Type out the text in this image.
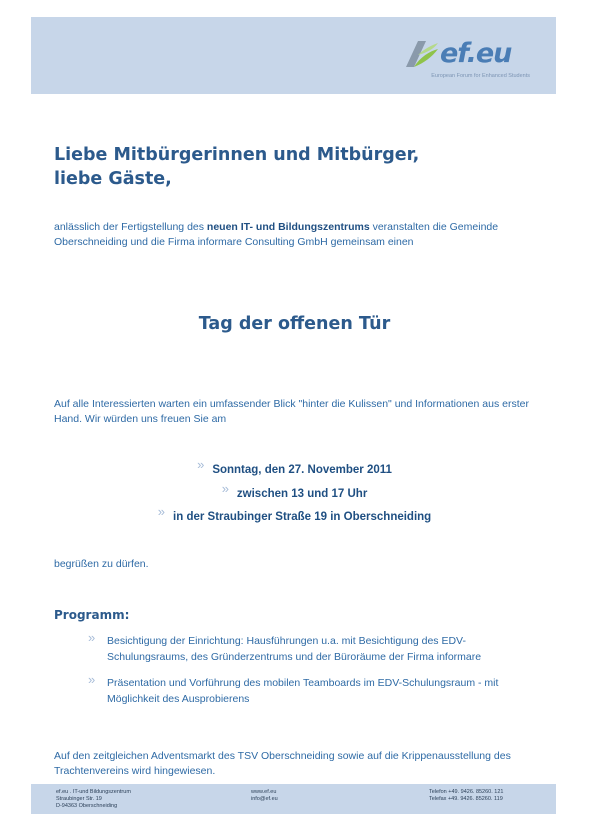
ef.eu
European Forum for Enhanced Students
Liebe Mitbürgerinnen und Mitbürger,
liebe Gäste,
anlässlich der Fertigstellung des neuen IT- und Bildungszentrums veranstalten die Gemeinde Oberschneiding und die Firma informare Consulting GmbH gemeinsam einen
Tag der offenen Tür
Auf alle Interessierten warten ein umfassender Blick "hinter die Kulissen" und Informationen aus erster Hand. Wir würden uns freuen Sie am
» Sonntag, den 27. November 2011
» zwischen 13 und 17 Uhr
» in der Straubinger Straße 19 in Oberschneiding
begrüßen zu dürfen.
Programm:
» Besichtigung der Einrichtung: Hausführungen u.a. mit Besichtigung des EDV-Schulungsraums, des Gründerzentrums und der Büroräume der Firma informare
» Präsentation und Vorführung des mobilen Teamboards im EDV-Schulungsraum - mit Möglichkeit des Ausprobierens
Auf den zeitgleichen Adventsmarkt des TSV Oberschneiding sowie auf die Krippenausstellung des Trachtenvereins wird hingewiesen.
ef.eu . IT-und Bildungszentrum
Straubinger Str. 19
D-94363 Oberschneiding
www.ef.eu
info@ef.eu
Telefon +49. 9426. 85260. 121
Telefax +49. 9426. 85260. 119
